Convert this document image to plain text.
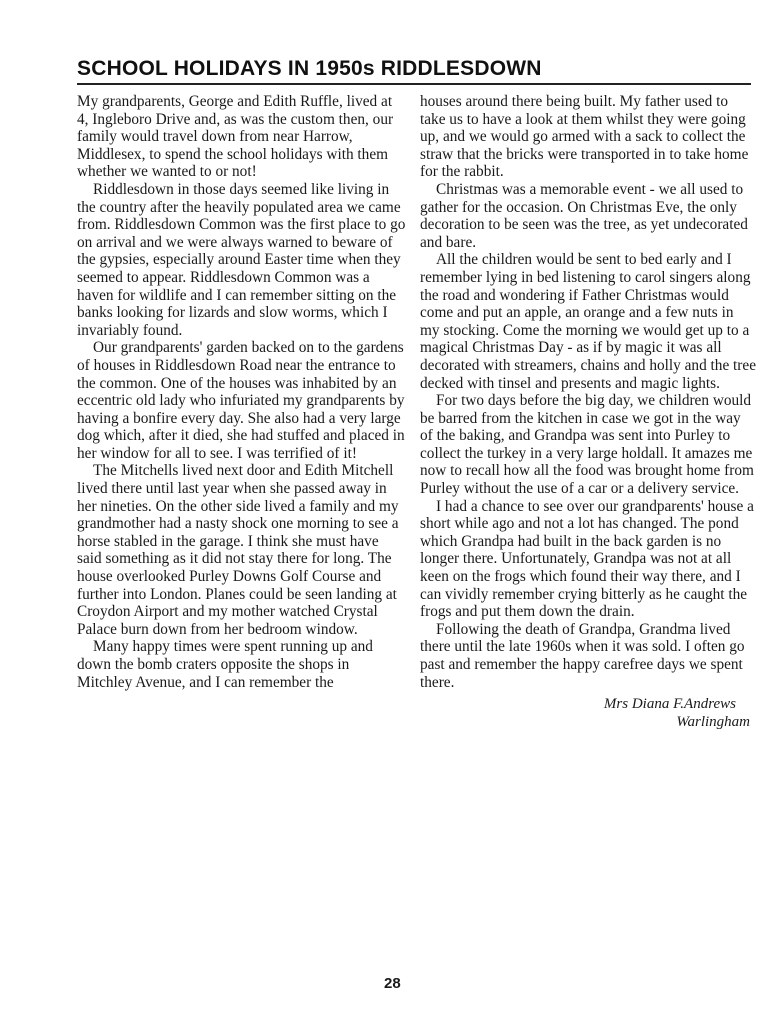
SCHOOL HOLIDAYS IN 1950s RIDDLESDOWN

My grandparents, George and Edith Ruffle, lived at 4, Ingleboro Drive and, as was the custom then, our family would travel down from near Harrow, Middlesex, to spend the school holidays with them whether we wanted to or not!

Riddlesdown in those days seemed like living in the country after the heavily populated area we came from. Riddlesdown Common was the first place to go on arrival and we were always warned to beware of the gypsies, especially around Easter time when they seemed to appear. Riddlesdown Common was a haven for wildlife and I can remember sitting on the banks looking for lizards and slow worms, which I invariably found.

Our grandparents' garden backed on to the gardens of houses in Riddlesdown Road near the entrance to the common. One of the houses was inhabited by an eccentric old lady who infuriated my grandparents by having a bonfire every day. She also had a very large dog which, after it died, she had stuffed and placed in her window for all to see. I was terrified of it!

The Mitchells lived next door and Edith Mitchell lived there until last year when she passed away in her nineties. On the other side lived a family and my grandmother had a nasty shock one morning to see a horse stabled in the garage. I think she must have said something as it did not stay there for long. The house overlooked Purley Downs Golf Course and further into London. Planes could be seen landing at Croydon Airport and my mother watched Crystal Palace burn down from her bedroom window.

Many happy times were spent running up and down the bomb craters opposite the shops in Mitchley Avenue, and I can remember the

houses around there being built. My father used to take us to have a look at them whilst they were going up, and we would go armed with a sack to collect the straw that the bricks were transported in to take home for the rabbit.

Christmas was a memorable event - we all used to gather for the occasion. On Christmas Eve, the only decoration to be seen was the tree, as yet undecorated and bare.

All the children would be sent to bed early and I remember lying in bed listening to carol singers along the road and wondering if Father Christmas would come and put an apple, an orange and a few nuts in my stocking. Come the morning we would get up to a magical Christmas Day - as if by magic it was all decorated with streamers, chains and holly and the tree decked with tinsel and presents and magic lights.

For two days before the big day, we children would be barred from the kitchen in case we got in the way of the baking, and Grandpa was sent into Purley to collect the turkey in a very large holdall. It amazes me now to recall how all the food was brought home from Purley without the use of a car or a delivery service.

I had a chance to see over our grandparents' house a short while ago and not a lot has changed. The pond which Grandpa had built in the back garden is no longer there. Unfortunately, Grandpa was not at all keen on the frogs which found their way there, and I can vividly remember crying bitterly as he caught the frogs and put them down the drain.

Following the death of Grandpa, Grandma lived there until the late 1960s when it was sold. I often go past and remember the happy carefree days we spent there.

Mrs Diana F.Andrews
Warlingham
28
